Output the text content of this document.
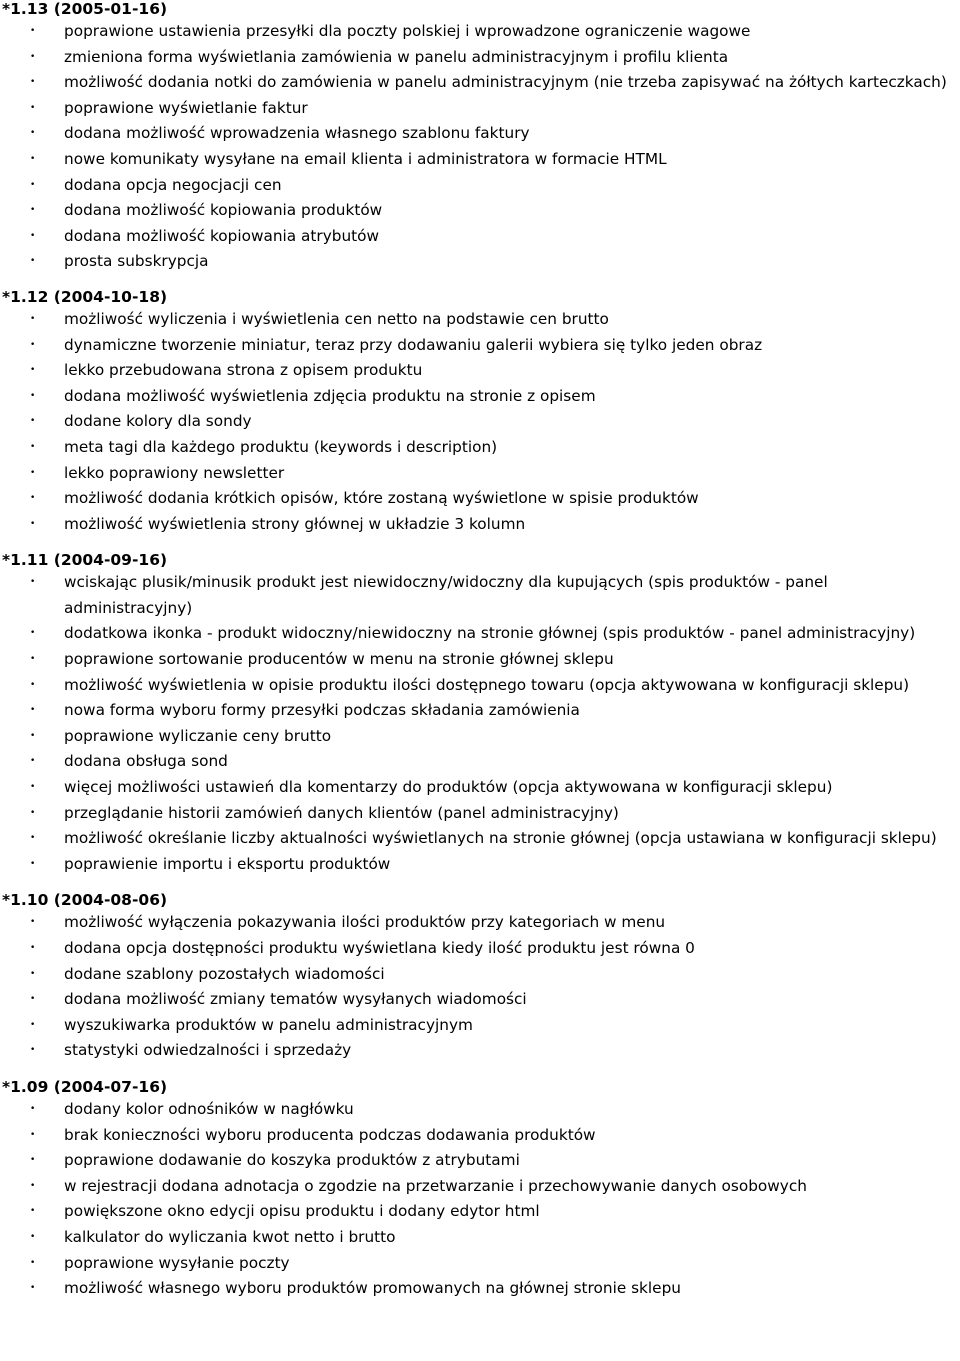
*1.13 (2005-01-16)
• poprawione ustawienia przesyłki dla poczty polskiej i wprowadzone ograniczenie wagowe
• zmieniona forma wyświetlania zamówienia w panelu administracyjnym i profilu klienta
• możliwość dodania notki do zamówienia w panelu administracyjnym (nie trzeba zapisywać na żółtych karteczkach)
• poprawione wyświetlanie faktur
• dodana możliwość wprowadzenia własnego szablonu faktury
• nowe komunikaty wysyłane na email klienta i administratora w formacie HTML
• dodana opcja negocjacji cen
• dodana możliwość kopiowania produktów
• dodana możliwość kopiowania atrybutów
• prosta subskrypcja
*1.12 (2004-10-18)
• możliwość wyliczenia i wyświetlenia cen netto na podstawie cen brutto
• dynamiczne tworzenie miniatur, teraz przy dodawaniu galerii wybiera się tylko jeden obraz
• lekko przebudowana strona z opisem produktu
• dodana możliwość wyświetlenia zdjęcia produktu na stronie z opisem
• dodane kolory dla sondy
• meta tagi dla każdego produktu (keywords i description)
• lekko poprawiony newsletter
• możliwość dodania krótkich opisów, które zostaną wyświetlone w spisie produktów
• możliwość wyświetlenia strony głównej w układzie 3 kolumn
*1.11 (2004-09-16)
• wciskając plusik/minusik produkt jest niewidoczny/widoczny dla kupujących (spis produktów - panel administracyjny)
• dodatkowa ikonka - produkt widoczny/niewidoczny na stronie głównej (spis produktów - panel administracyjny)
• poprawione sortowanie producentów w menu na stronie głównej sklepu
• możliwość wyświetlenia w opisie produktu ilości dostępnego towaru (opcja aktywowana w konfiguracji sklepu)
• nowa forma wyboru formy przesyłki podczas składania zamówienia
• poprawione wyliczanie ceny brutto
• dodana obsługa sond
• więcej możliwości ustawień dla komentarzy do produktów (opcja aktywowana w konfiguracji sklepu)
• przeglądanie historii zamówień danych klientów (panel administracyjny)
• możliwość określanie liczby aktualności wyświetlanych na stronie głównej (opcja ustawiana w konfiguracji sklepu)
• poprawienie importu i eksportu produktów
*1.10 (2004-08-06)
• możliwość wyłączenia pokazywania ilości produktów przy kategoriach w menu
• dodana opcja dostępności produktu wyświetlana kiedy ilość produktu jest równa 0
• dodane szablony pozostałych wiadomości
• dodana możliwość zmiany tematów wysyłanych wiadomości
• wyszukiwarka produktów w panelu administracyjnym
• statystyki odwiedzalności i sprzedaży
*1.09 (2004-07-16)
• dodany kolor odnośników w nagłówku
• brak konieczności wyboru producenta podczas dodawania produktów
• poprawione dodawanie do koszyka produktów z atrybutami
• w rejestracji dodana adnotacja o zgodzie na przetwarzanie i przechowywanie danych osobowych
• powiększone okno edycji opisu produktu i dodany edytor html
• kalkulator do wyliczania kwot netto i brutto
• poprawione wysyłanie poczty
• możliwość własnego wyboru produktów promowanych na głównej stronie sklepu
